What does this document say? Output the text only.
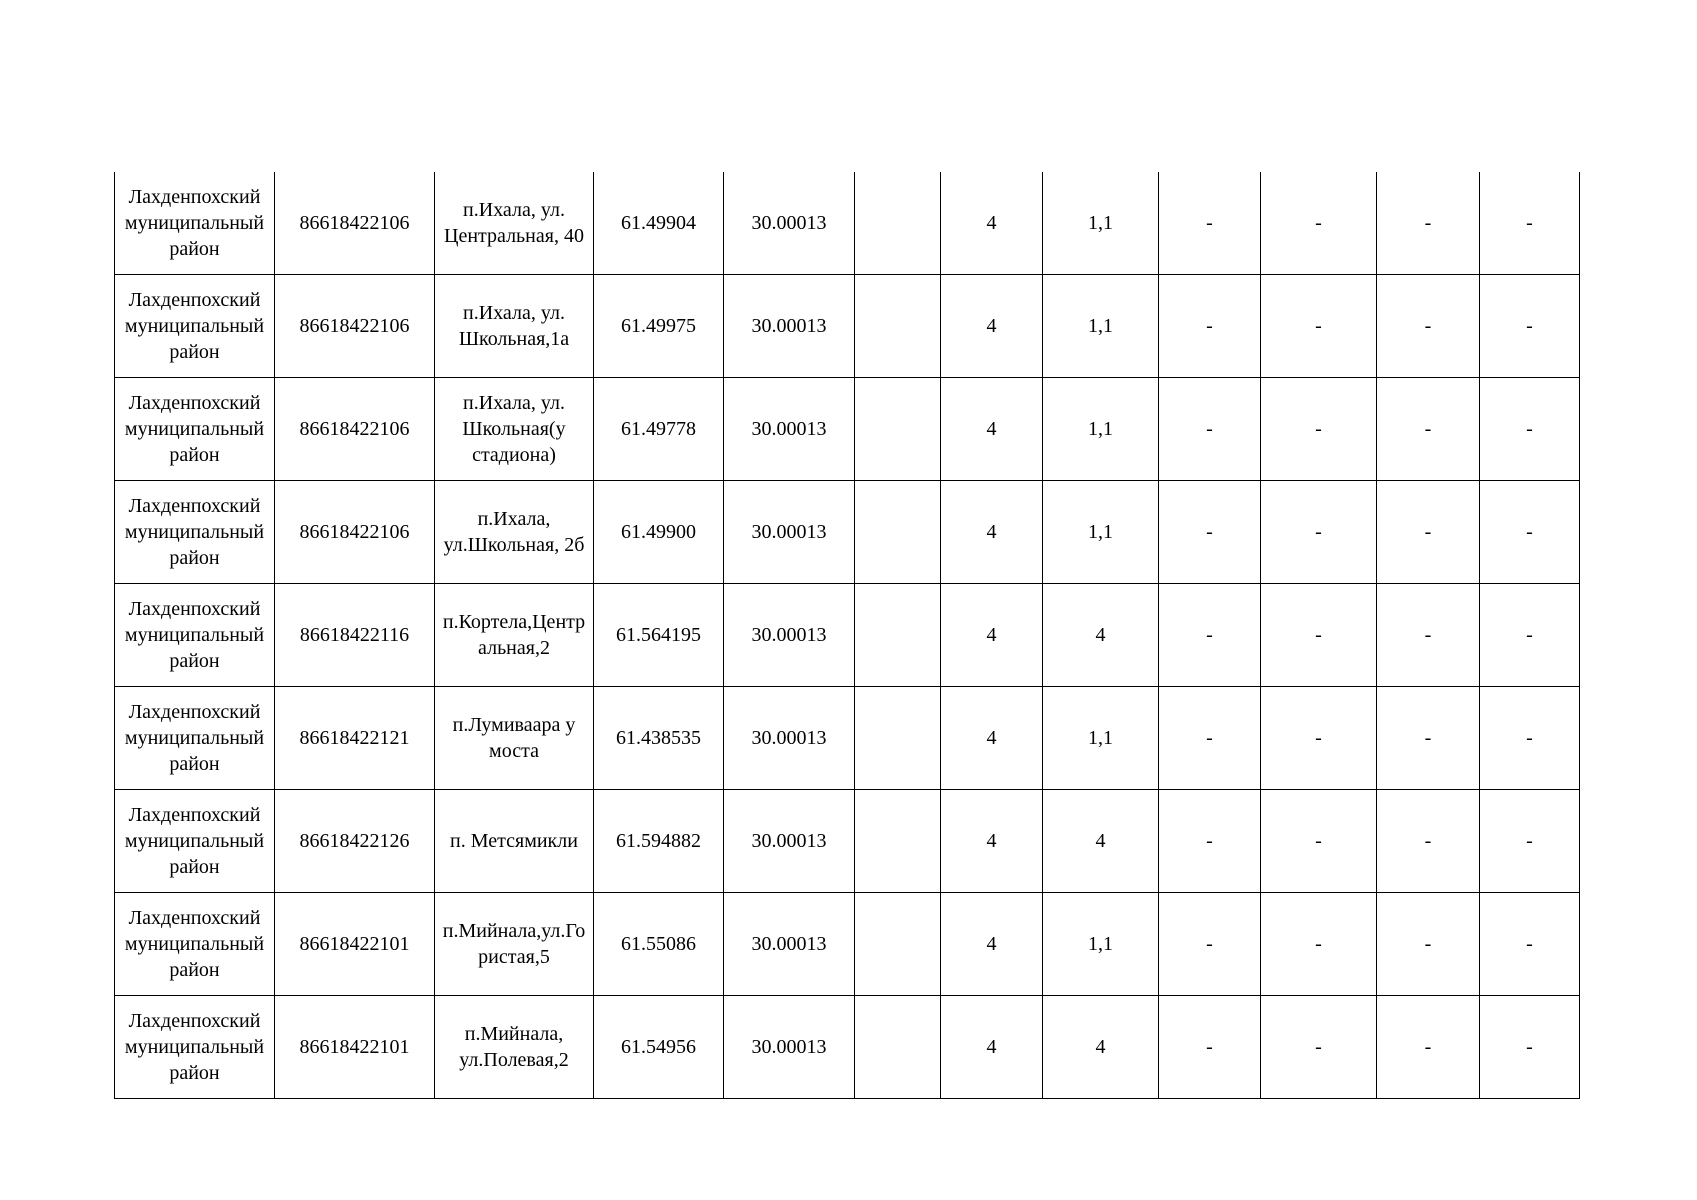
Лахденпохский муниципальный район	86618422106	п.Ихала, ул. Центральная, 40	61.49904	30.00013		4	1,1	-	-	-	-
Лахденпохский муниципальный район	86618422106	п.Ихала, ул. Школьная,1а	61.49975	30.00013		4	1,1	-	-	-	-
Лахденпохский муниципальный район	86618422106	п.Ихала, ул. Школьная(у стадиона)	61.49778	30.00013		4	1,1	-	-	-	-
Лахденпохский муниципальный район	86618422106	п.Ихала, ул.Школьная, 2б	61.49900	30.00013		4	1,1	-	-	-	-
Лахденпохский муниципальный район	86618422116	п.Кортела,Центральная,2	61.564195	30.00013		4	4	-	-	-	-
Лахденпохский муниципальный район	86618422121	п.Лумиваара у моста	61.438535	30.00013		4	1,1	-	-	-	-
Лахденпохский муниципальный район	86618422126	п. Метсямикли	61.594882	30.00013		4	4	-	-	-	-
Лахденпохский муниципальный район	86618422101	п.Мийнала,ул.Гористая,5	61.55086	30.00013		4	1,1	-	-	-	-
Лахденпохский муниципальный район	86618422101	п.Мийнала, ул.Полевая,2	61.54956	30.00013		4	4	-	-	-	-
